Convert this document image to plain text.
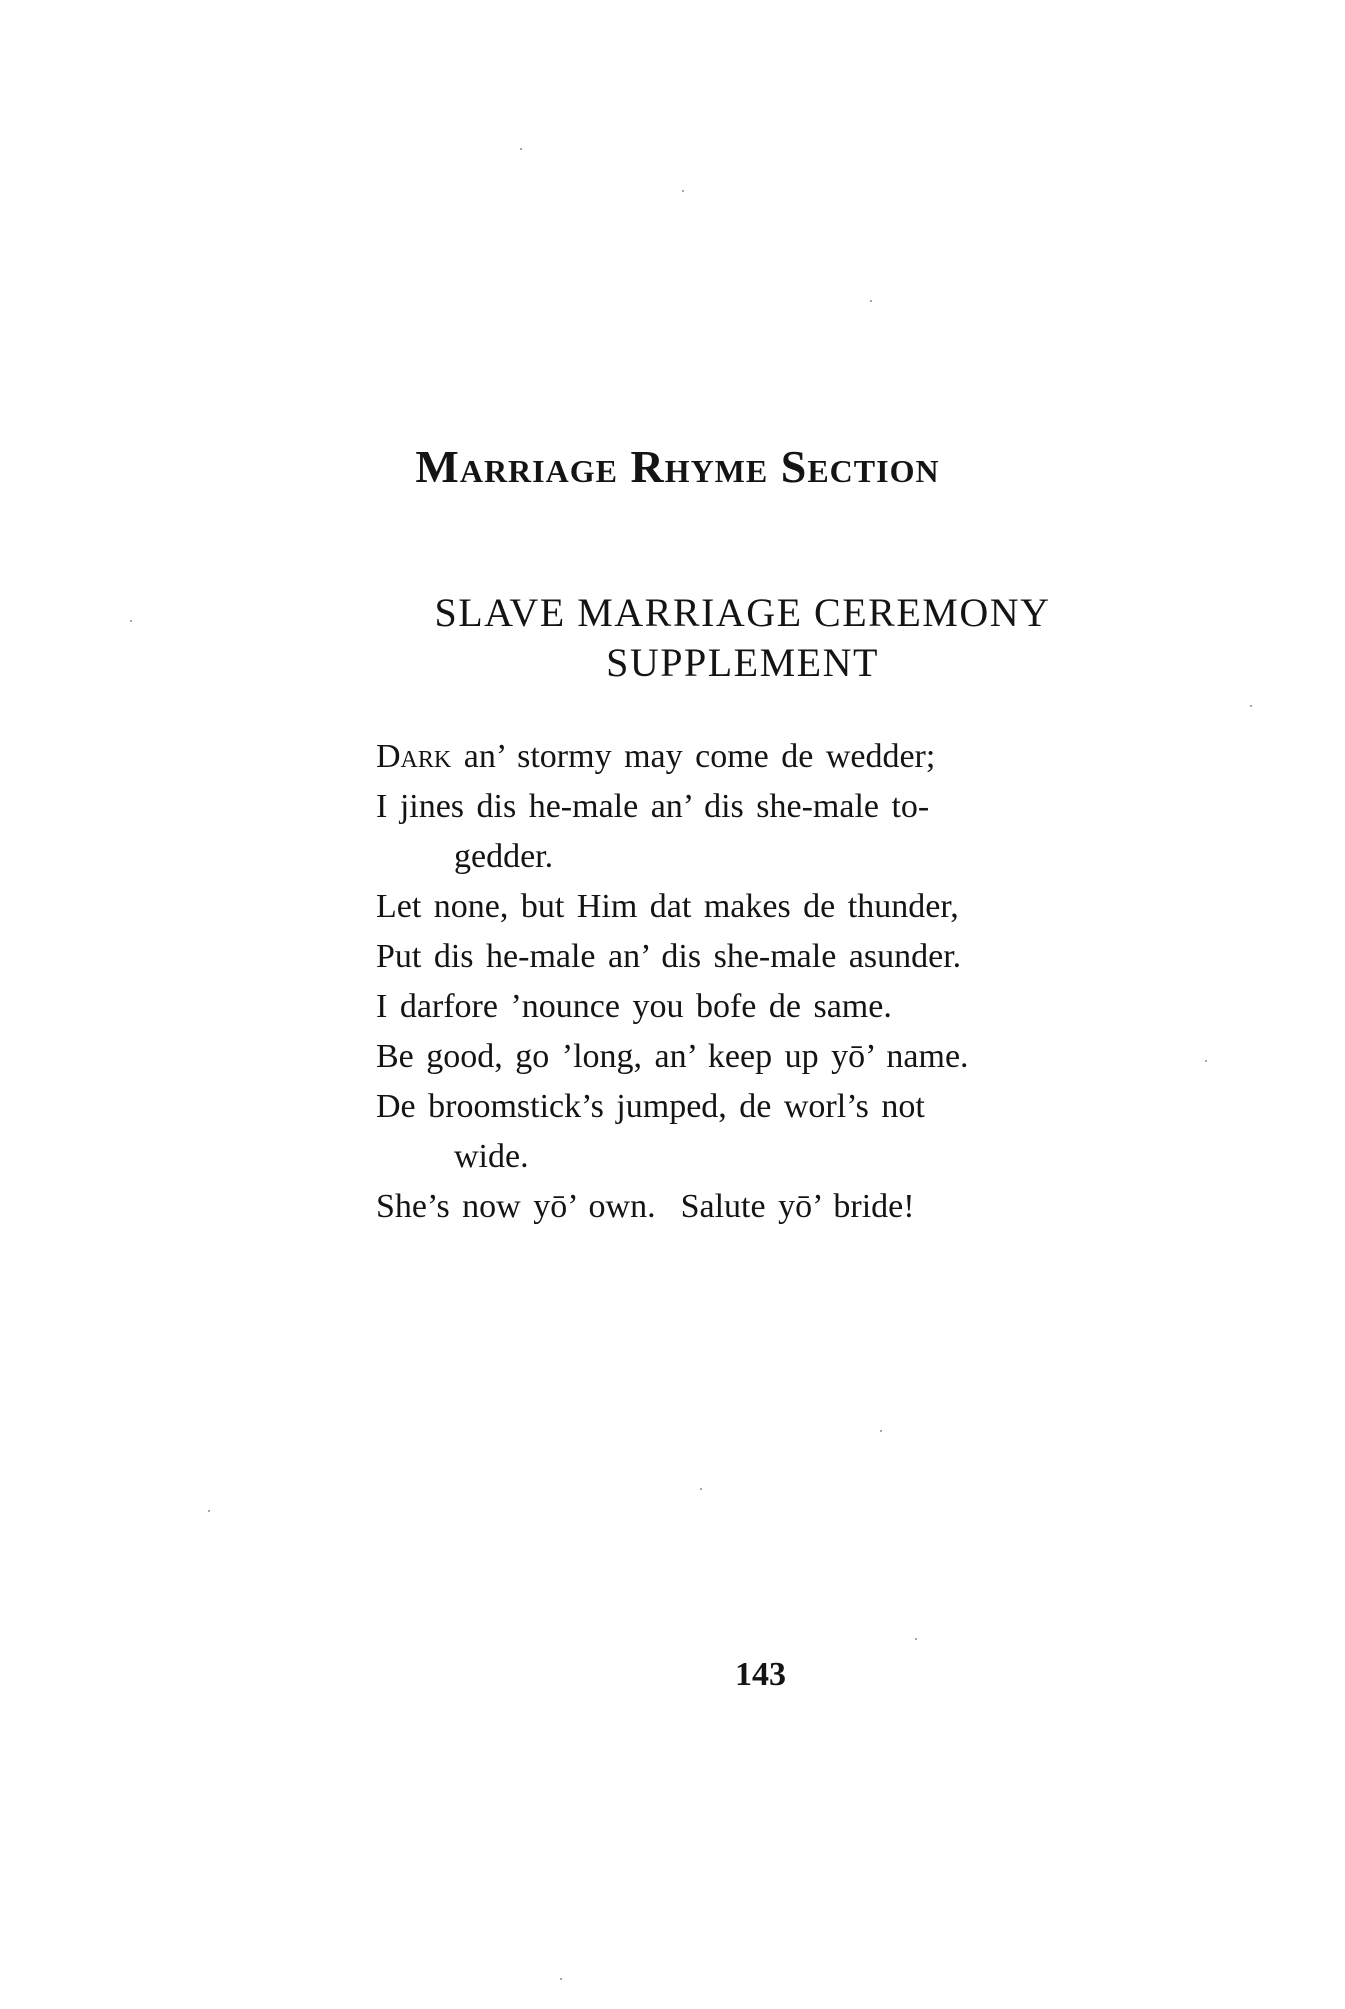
Marriage Rhyme Section
SLAVE MARRIAGE CEREMONY
SUPPLEMENT
Dark an’ stormy may come de wedder;
I jines dis he-male an’ dis she-male to-
gedder.
Let none, but Him dat makes de thunder,
Put dis he-male an’ dis she-male asunder.
I darfore ’nounce you bofe de same.
Be good, go ’long, an’ keep up yō’ name.
De broomstick’s jumped, de worl’s not
wide.
She’s now yō’ own.  Salute yō’ bride!
143
